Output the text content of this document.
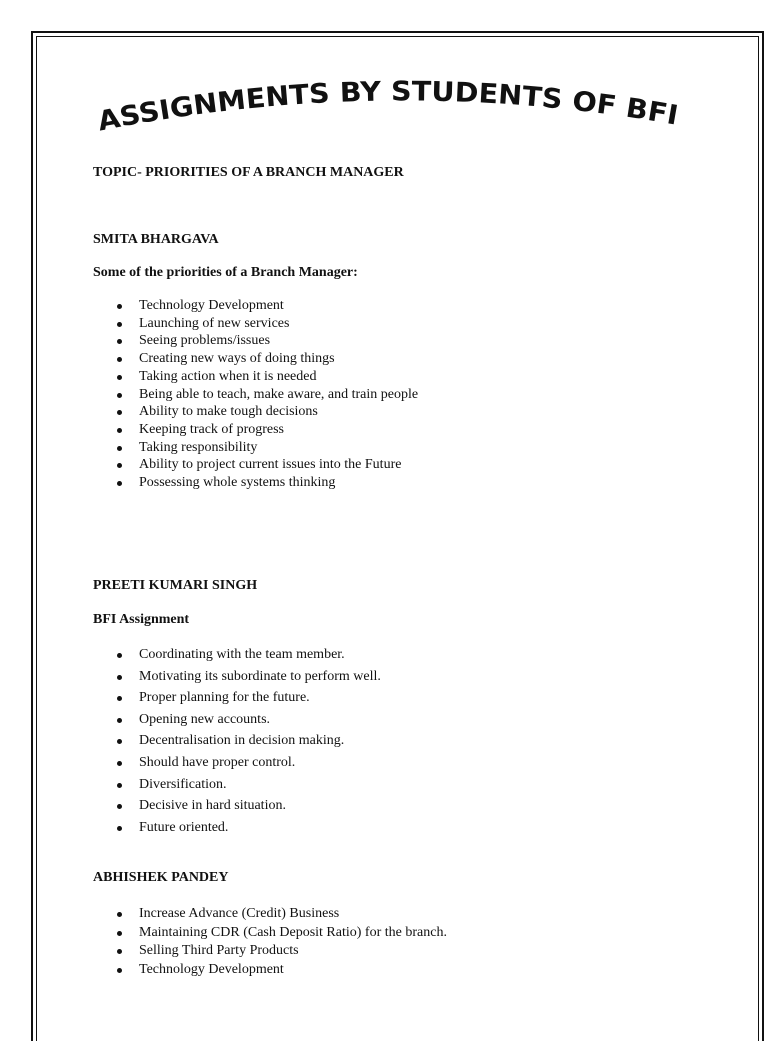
ASSIGNMENTS BY STUDENTS OF BFI

TOPIC- PRIORITIES OF A BRANCH MANAGER

SMITA BHARGAVA

Some of the priorities of a Branch Manager:

Technology Development
Launching of new services
Seeing problems/issues
Creating new ways of doing things
Taking action when it is needed
Being able to teach, make aware, and train people
Ability to make tough decisions
Keeping track of progress
Taking responsibility
Ability to project current issues into the Future
Possessing whole systems thinking

PREETI KUMARI SINGH

BFI Assignment

Coordinating with the team member.
Motivating its subordinate to perform well.
Proper planning for the future.
Opening new accounts.
Decentralisation in decision making.
Should have proper control.
Diversification.
Decisive in hard situation.
Future oriented.

ABHISHEK PANDEY

Increase Advance (Credit) Business
Maintaining CDR (Cash Deposit Ratio) for the branch.
Selling Third Party Products
Technology Development
